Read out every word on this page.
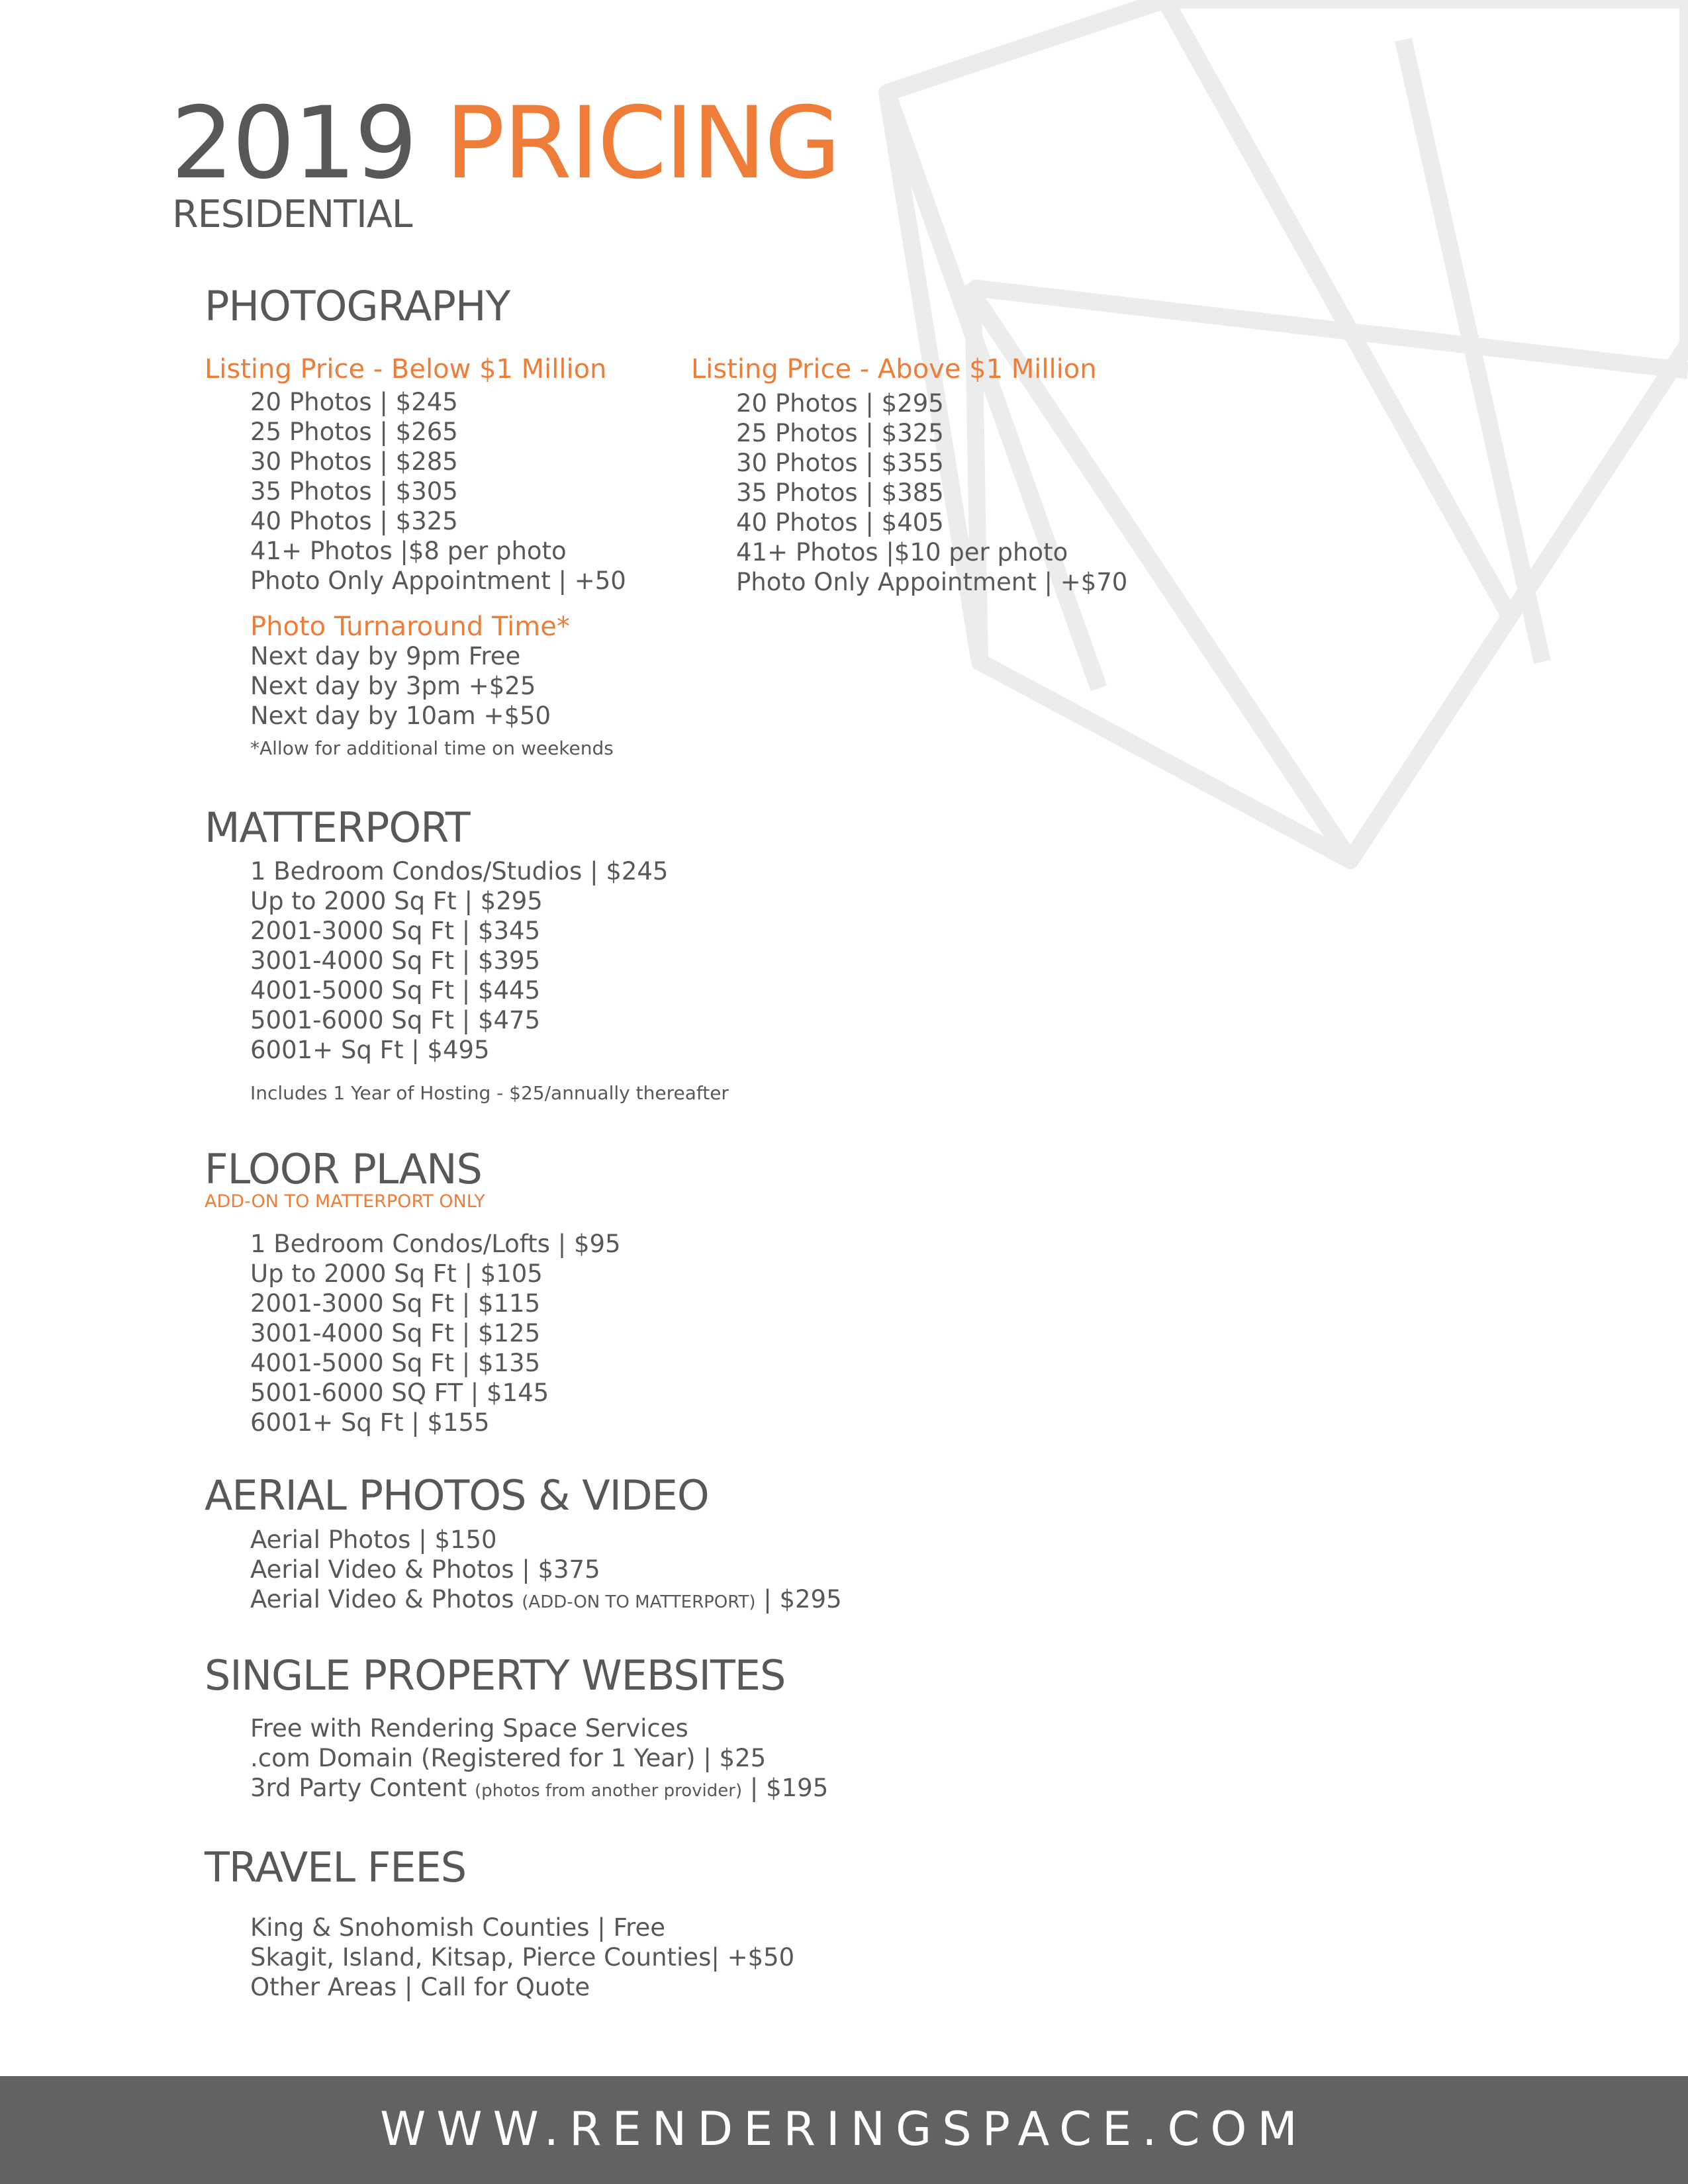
2019 PRICING
RESIDENTIAL
PHOTOGRAPHY
Listing Price - Below $1 Million
20 Photos | $245
25 Photos | $265
30 Photos | $285
35 Photos | $305
40 Photos | $325
41+ Photos |$8 per photo
Photo Only Appointment | +50
Listing Price - Above $1 Million
20 Photos | $295
25 Photos | $325
30 Photos | $355
35 Photos | $385
40 Photos | $405
41+ Photos |$10 per photo
Photo Only Appointment | +$70
Photo Turnaround Time*
Next day by 9pm Free
Next day by 3pm +$25
Next day by 10am +$50
*Allow for additional time on weekends
MATTERPORT
1 Bedroom Condos/Studios | $245
Up to 2000 Sq Ft | $295
2001-3000 Sq Ft | $345
3001-4000 Sq Ft | $395
4001-5000 Sq Ft | $445
5001-6000 Sq Ft | $475
6001+ Sq Ft | $495
Includes 1 Year of Hosting - $25/annually thereafter
FLOOR PLANS
ADD-ON TO MATTERPORT ONLY
1 Bedroom Condos/Lofts | $95
Up to 2000 Sq Ft | $105
2001-3000 Sq Ft | $115
3001-4000 Sq Ft | $125
4001-5000 Sq Ft | $135
5001-6000 SQ FT | $145
6001+ Sq Ft | $155
AERIAL PHOTOS & VIDEO
Aerial Photos | $150
Aerial Video & Photos | $375
Aerial Video & Photos (ADD-ON TO MATTERPORT) | $295
SINGLE PROPERTY WEBSITES
Free with Rendering Space Services
.com Domain (Registered for 1 Year) | $25
3rd Party Content (photos from another provider) | $195
TRAVEL FEES
King & Snohomish Counties | Free
Skagit, Island, Kitsap, Pierce Counties| +$50
Other Areas | Call for Quote
WWW.RENDERINGSPACE.COM
